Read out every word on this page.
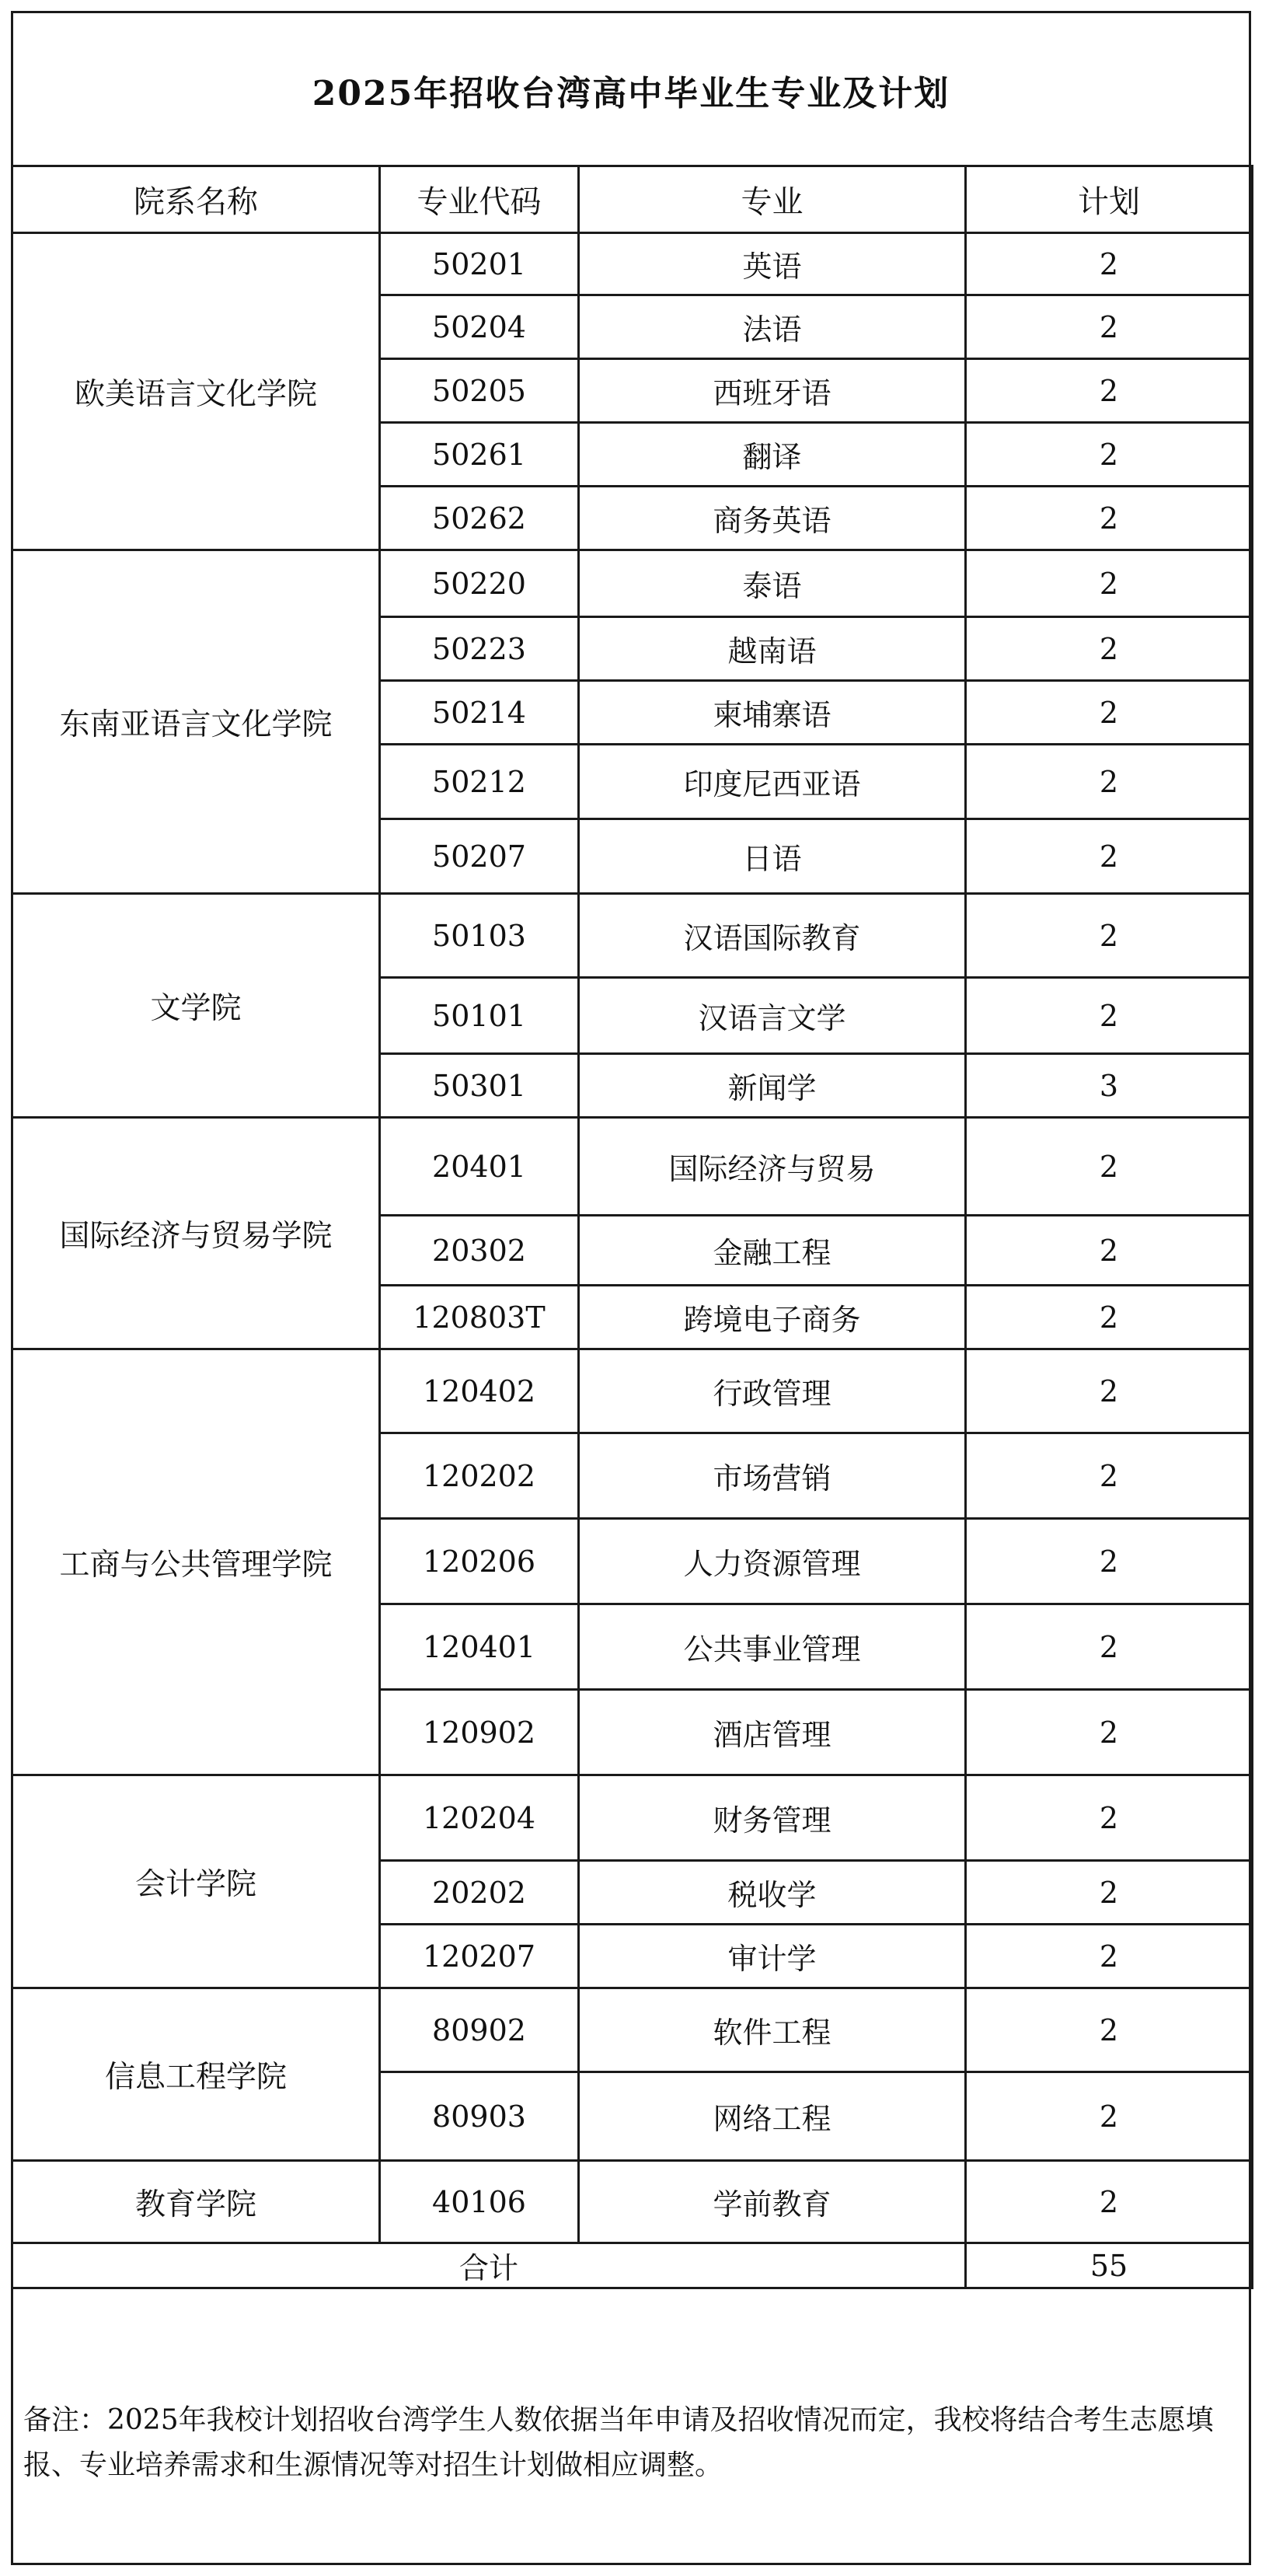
2025年招收台湾高中毕业生专业及计划
院系名称	专业代码	专业	计划
欧美语言文化学院	50201	英语	2
	50204	法语	2
	50205	西班牙语	2
	50261	翻译	2
	50262	商务英语	2
东南亚语言文化学院	50220	泰语	2
	50223	越南语	2
	50214	柬埔寨语	2
	50212	印度尼西亚语	2
	50207	日语	2
文学院	50103	汉语国际教育	2
	50101	汉语言文学	2
	50301	新闻学	3
国际经济与贸易学院	20401	国际经济与贸易	2
	20302	金融工程	2
	120803T	跨境电子商务	2
工商与公共管理学院	120402	行政管理	2
	120202	市场营销	2
	120206	人力资源管理	2
	120401	公共事业管理	2
	120902	酒店管理	2
会计学院	120204	财务管理	2
	20202	税收学	2
	120207	审计学	2
信息工程学院	80902	软件工程	2
	80903	网络工程	2
教育学院	40106	学前教育	2
合计			55
备注：2025年我校计划招收台湾学生人数依据当年申请及招收情况而定，我校将结合考生志愿填报、专业培养需求和生源情况等对招生计划做相应调整。
